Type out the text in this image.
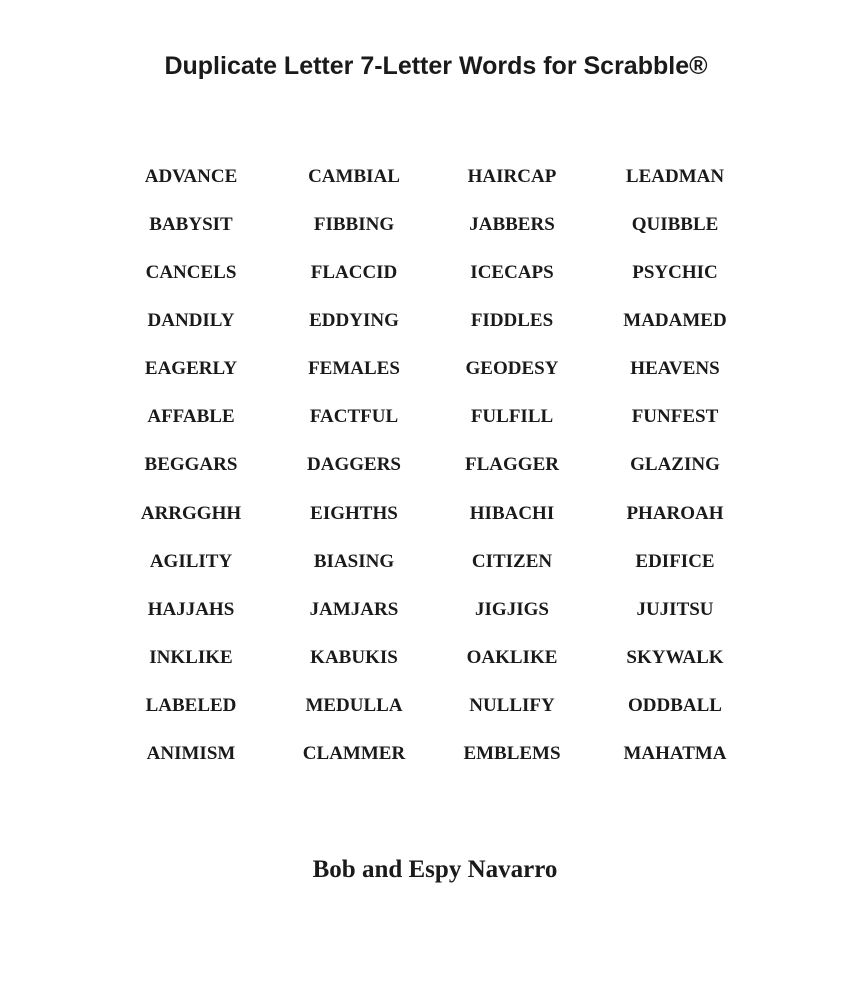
Duplicate Letter 7-Letter Words for Scrabble®
ADVANCE	CAMBIAL	HAIRCAP	LEADMAN
BABYSIT	FIBBING	JABBERS	QUIBBLE
CANCELS	FLACCID	ICECAPS	PSYCHIC
DANDILY	EDDYING	FIDDLES	MADAMED
EAGERLY	FEMALES	GEODESY	HEAVENS
AFFABLE	FACTFUL	FULFILL	FUNFEST
BEGGARS	DAGGERS	FLAGGER	GLAZING
ARRGGHH	EIGHTHS	HIBACHI	PHAROAH
AGILITY	BIASING	CITIZEN	EDIFICE
HAJJAHS	JAMJARS	JIGJIGS	JUJITSU
INKLIKE	KABUKIS	OAKLIKE	SKYWALK
LABELED	MEDULLA	NULLIFY	ODDBALL
ANIMISM	CLAMMER	EMBLEMS	MAHATMA
Bob and Espy Navarro
